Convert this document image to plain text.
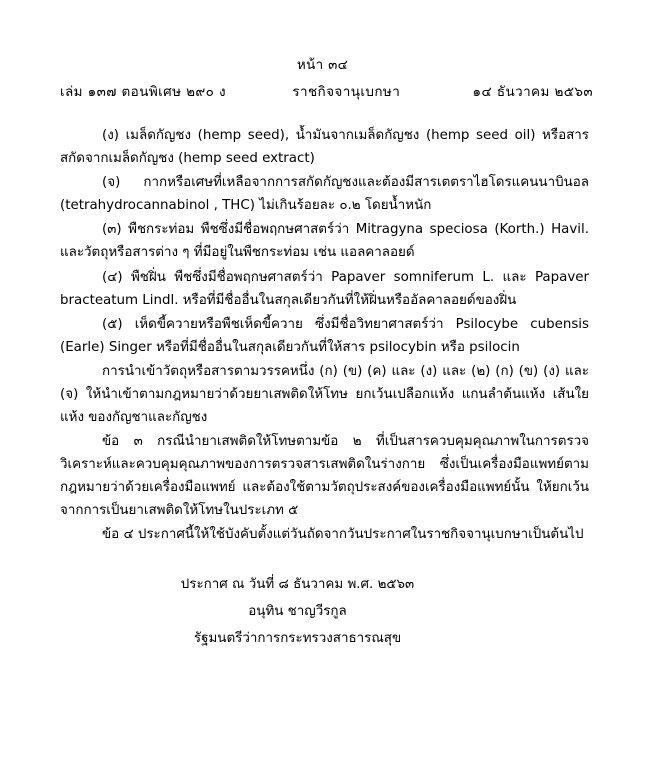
หน้า ๓๔
เล่ม ๑๓๗ ตอนพิเศษ ๒๙๐ ง	ราชกิจจานุเบกษา	๑๔ ธันวาคม ๒๕๖๓

(ง) เมล็ดกัญชง (hemp seed), น้ำมันจากเมล็ดกัญชง (hemp seed oil) หรือสารสกัดจากเมล็ดกัญชง (hemp seed extract)

(จ) กากหรือเศษที่เหลือจากการสกัดกัญชงและต้องมีสารเตตราไฮโดรแคนนาบินอล (tetrahydrocannabinol , THC) ไม่เกินร้อยละ ๐.๒ โดยน้ำหนัก

(๓) พืชกระท่อม พืชซึ่งมีชื่อพฤกษศาสตร์ว่า Mitragyna speciosa (Korth.) Havil. และวัตถุหรือสารต่าง ๆ ที่มีอยู่ในพืชกระท่อม เช่น แอลคาลอยด์

(๔) พืชฝิ่น พืชซึ่งมีชื่อพฤกษศาสตร์ว่า Papaver somniferum L. และ Papaver bracteatum Lindl. หรือที่มีชื่ออื่นในสกุลเดียวกันที่ให้ฝิ่นหรืออัลคาลอยด์ของฝิ่น

(๕) เห็ดขี้ควายหรือพืชเห็ดขี้ควาย ซึ่งมีชื่อวิทยาศาสตร์ว่า Psilocybe cubensis (Earle) Singer หรือที่มีชื่ออื่นในสกุลเดียวกันที่ให้สาร psilocybin หรือ psilocin

การนำเข้าวัตถุหรือสารตามวรรคหนึ่ง (ก) (ข) (ค) และ (ง) และ (๒) (ก) (ข) (ง) และ (จ) ให้นำเข้าตามกฎหมายว่าด้วยยาเสพติดให้โทษ ยกเว้นเปลือกแห้ง แกนลำต้นแห้ง เส้นใยแห้ง ของกัญชาและกัญชง

ข้อ ๓ กรณีนำยาเสพติดให้โทษตามข้อ ๒ ที่เป็นสารควบคุมคุณภาพในการตรวจวิเคราะห์และควบคุมคุณภาพของการตรวจสารเสพติดในร่างกาย ซึ่งเป็นเครื่องมือแพทย์ตามกฎหมายว่าด้วยเครื่องมือแพทย์ และต้องใช้ตามวัตถุประสงค์ของเครื่องมือแพทย์นั้น ให้ยกเว้นจากการเป็นยาเสพติดให้โทษในประเภท ๕

ข้อ ๔ ประกาศนี้ให้ใช้บังคับตั้งแต่วันถัดจากวันประกาศในราชกิจจานุเบกษาเป็นต้นไป

ประกาศ ณ วันที่ ๘ ธันวาคม พ.ศ. ๒๕๖๓
อนุทิน ชาญวีรกูล
รัฐมนตรีว่าการกระทรวงสาธารณสุข
